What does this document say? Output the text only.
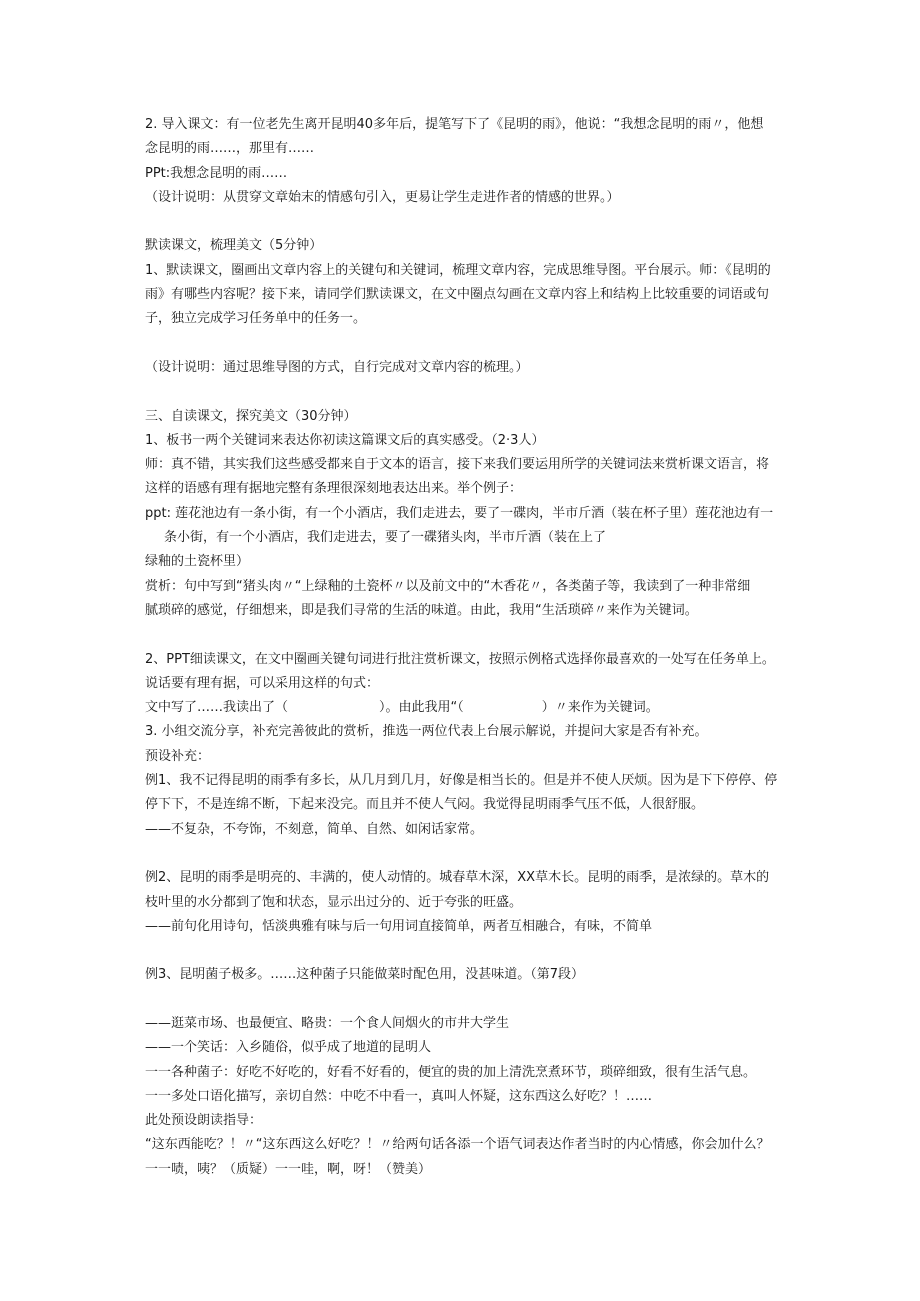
2. 导入课文：有一位老先生离开昆明40多年后，提笔写下了《昆明的雨》，他说：“我想念昆明的雨〃，他想
念昆明的雨……，那里有……
PPt:我想念昆明的雨……
（设计说明：从贯穿文章始末的情感句引入，更易让学生走进作者的情感的世界。）
默读课文，梳理美文（5分钟）
1、默读课文，圈画出文章内容上的关键句和关键词，梳理文章内容，完成思维导图。平台展示。师：《昆明的
雨》有哪些内容呢？接下来，请同学们默读课文，在文中圈点勾画在文章内容上和结构上比较重要的词语或句
子，独立完成学习任务单中的任务一。
（设计说明：通过思维导图的方式，自行完成对文章内容的梳理。）
三、自读课文，探究美文（30分钟）
1、板书一两个关键词来表达你初读这篇课文后的真实感受。（2·3人）
师：真不错，其实我们这些感受都来自于文本的语言，接下来我们要运用所学的关键词法来赏析课文语言，将
这样的语感有理有据地完整有条理很深刻地表达出来。举个例子：
ppt: 莲花池边有一条小街，有一个小酒店，我们走进去，要了一碟肉，半市斤酒（装在杯子里）莲花池边有一
条小街，有一个小酒店，我们走进去，要了一碟猪头肉，半市斤酒（装在上了
绿釉的土瓷杯里）
赏析：句中写到“猪头肉〃“上绿釉的土瓷杯〃以及前文中的“木香花〃，各类菌子等，我读到了一种非常细
腻琐碎的感觉，仔细想来，即是我们寻常的生活的味道。由此，我用“生活琐碎〃来作为关键词。
2、PPT细读课文，在文中圈画关键句词进行批注赏析课文，按照示例格式选择你最喜欢的一处写在任务单上。
说话要有理有据，可以采用这样的句式：
文中写了……我读出了（　　　　　　　）。由此我用“（　　　　　　）〃来作为关键词。
3. 小组交流分享，补充完善彼此的赏析，推选一两位代表上台展示解说，并提问大家是否有补充。
预设补充：
例1、我不记得昆明的雨季有多长，从几月到几月，好像是相当长的。但是并不使人厌烦。因为是下下停停、停
停下下，不是连绵不断，下起来没完。而且并不使人气闷。我觉得昆明雨季气压不低，人很舒服。
——不复杂，不夸饰，不刻意，简单、自然、如闲话家常。
例2、昆明的雨季是明亮的、丰满的，使人动情的。城春草木深，XX草木长。昆明的雨季，是浓绿的。草木的
枝叶里的水分都到了饱和状态，显示出过分的、近于夸张的旺盛。
——前句化用诗句，恬淡典雅有味与后一句用词直接简单，两者互相融合，有味，不简单
例3、昆明菌子极多。……这种菌子只能做菜时配色用，没甚味道。（第7段）
——逛菜市场、也最便宜、略贵：一个食人间烟火的市井大学生
——一个笑话：入乡随俗，似乎成了地道的昆明人
一一各种菌子：好吃不好吃的，好看不好看的，便宜的贵的加上清洗烹煮环节，琐碎细致，很有生活气息。
一一多处口语化描写，亲切自然：中吃不中看一，真叫人怀疑，这东西这么好吃？！……
此处预设朗读指导：
“这东西能吃？！〃“这东西这么好吃？！〃给两句话各添一个语气词表达作者当时的内心情感，你会加什么？
一一啧，咦？（质疑）一一哇，啊，呀！（赞美）
